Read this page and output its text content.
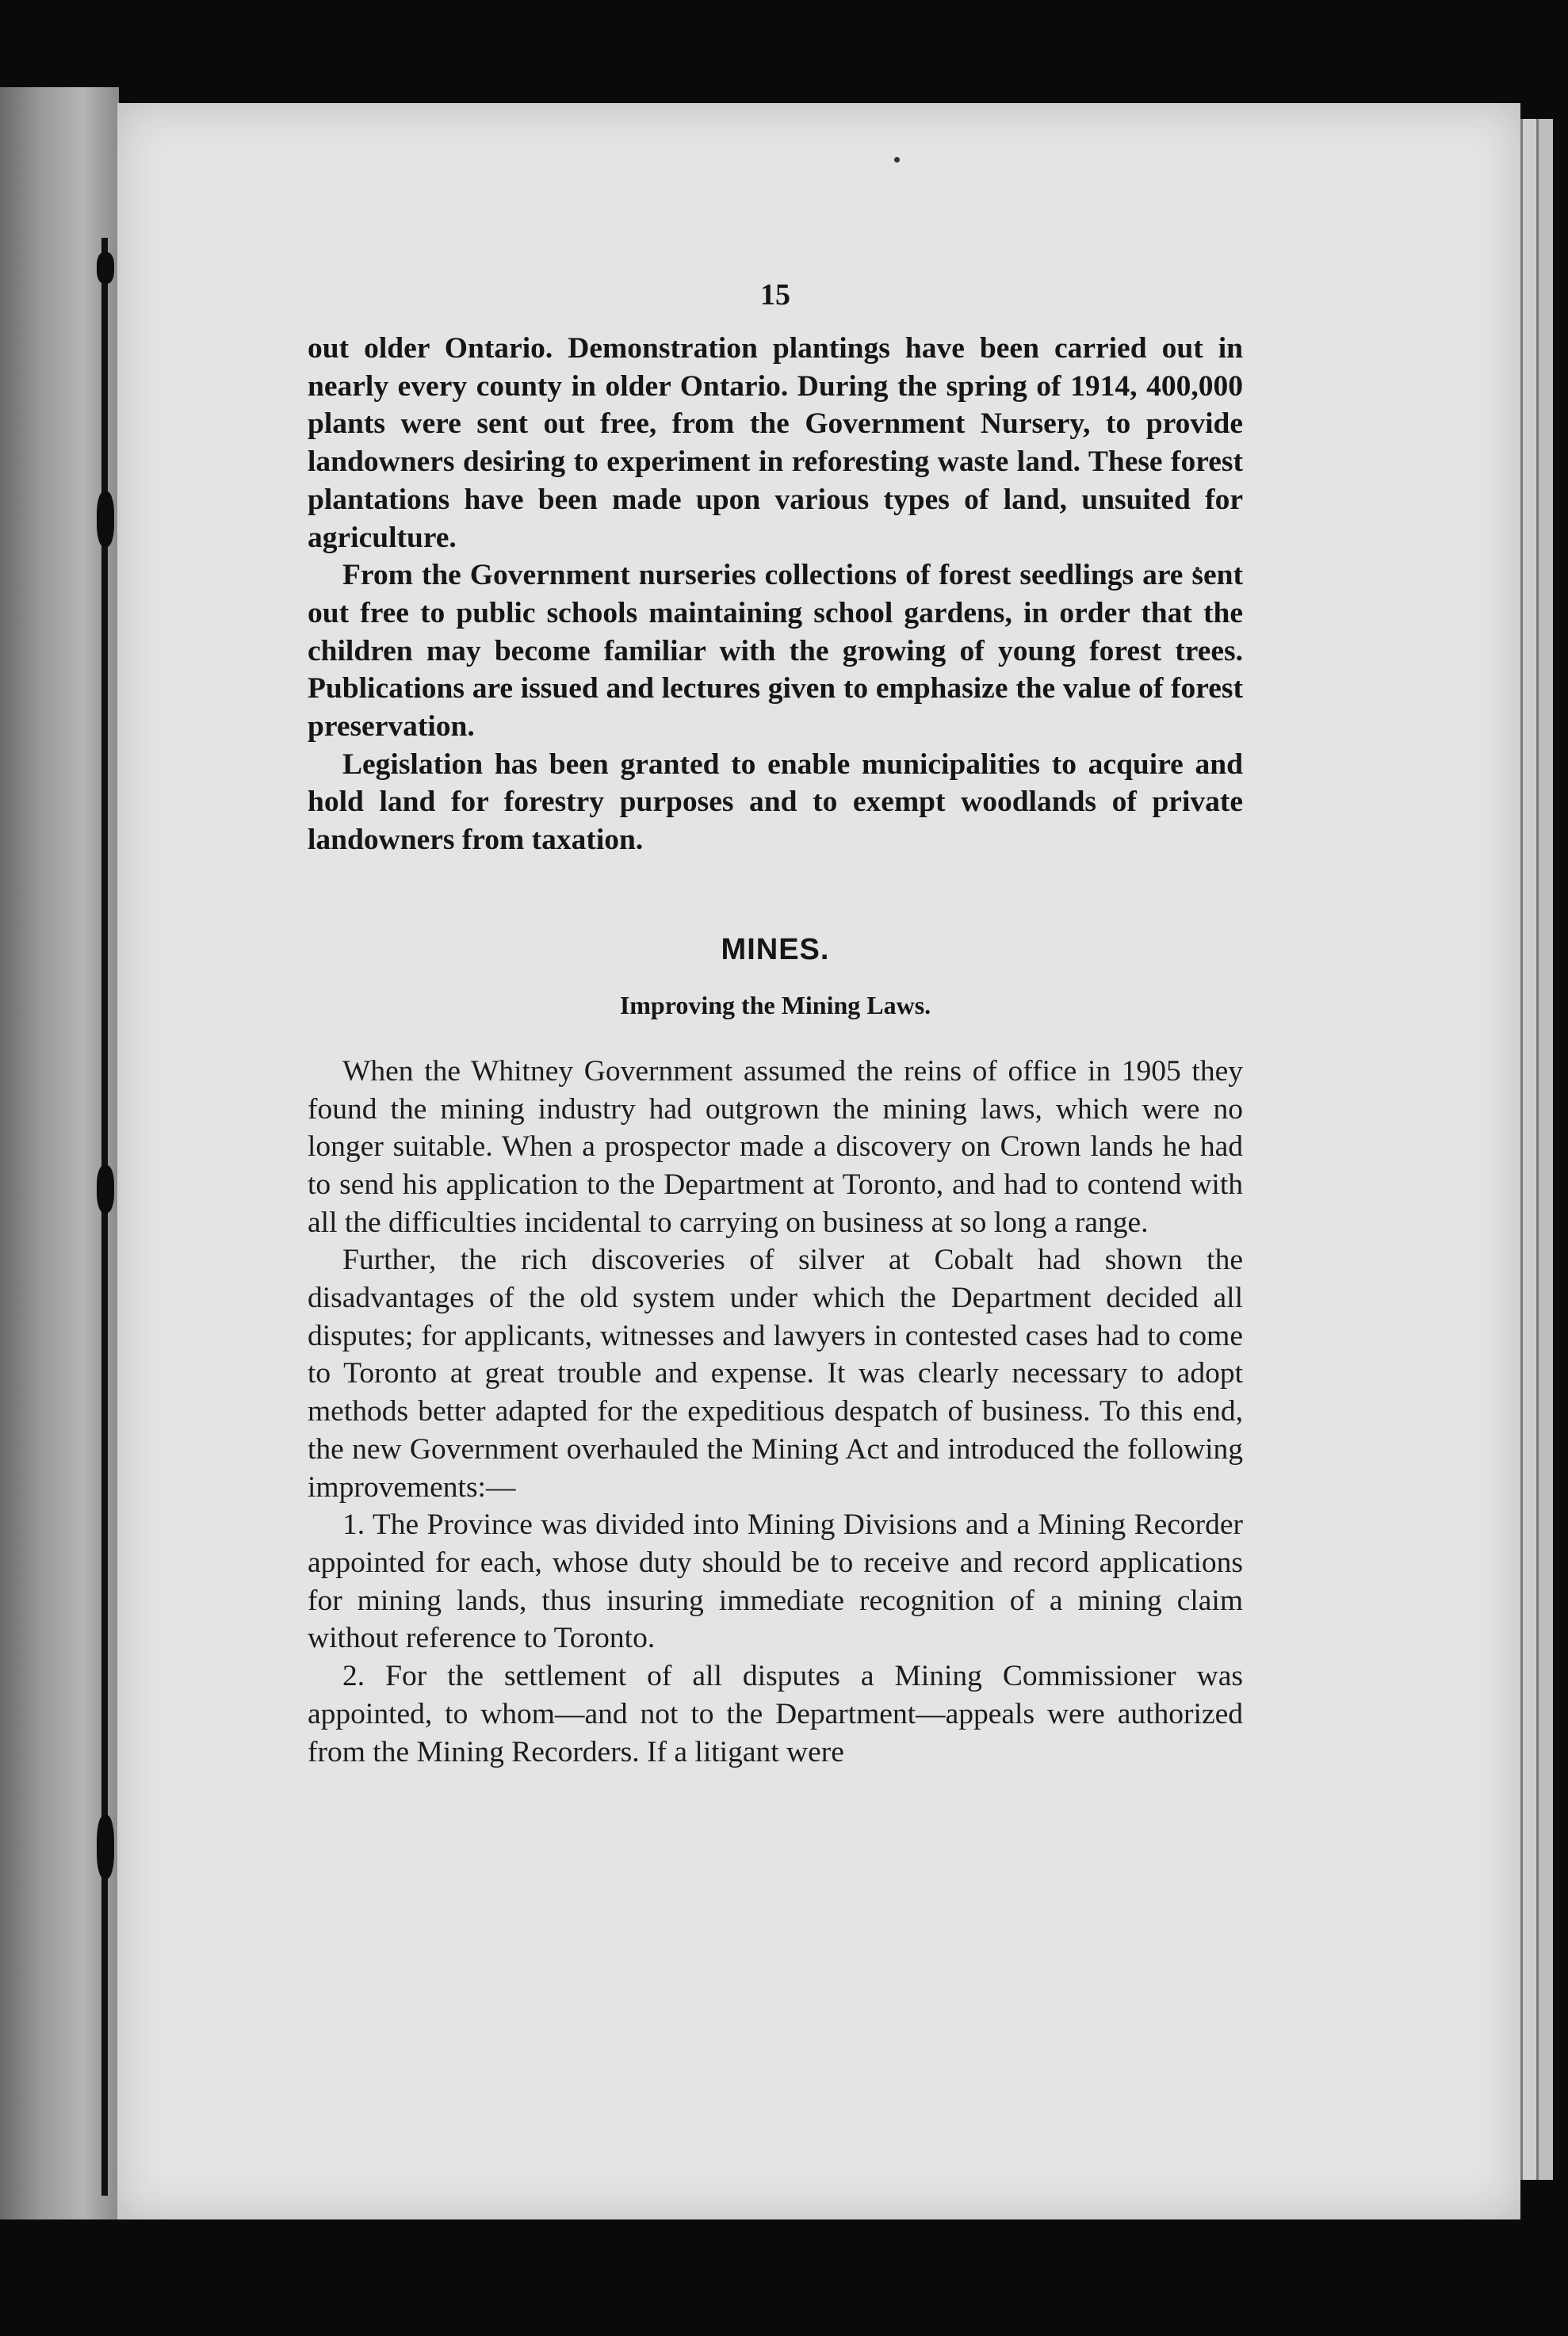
15

out older Ontario. Demonstration plantings have been carried out in nearly every county in older Ontario. During the spring of 1914, 400,000 plants were sent out free, from the Government Nursery, to provide landowners desiring to experiment in reforesting waste land. These forest plantations have been made upon various types of land, unsuited for agriculture.

From the Government nurseries collections of forest seedlings are sent out free to public schools maintaining school gardens, in order that the children may become familiar with the growing of young forest trees. Publications are issued and lectures given to emphasize the value of forest preservation.

Legislation has been granted to enable municipalities to acquire and hold land for forestry purposes and to exempt woodlands of private landowners from taxation.

MINES.
Improving the Mining Laws.

When the Whitney Government assumed the reins of office in 1905 they found the mining industry had outgrown the mining laws, which were no longer suitable. When a prospector made a discovery on Crown lands he had to send his application to the Department at Toronto, and had to contend with all the difficulties incidental to carrying on business at so long a range.

Further, the rich discoveries of silver at Cobalt had shown the disadvantages of the old system under which the Department decided all disputes; for applicants, witnesses and lawyers in contested cases had to come to Toronto at great trouble and expense. It was clearly necessary to adopt methods better adapted for the expeditious despatch of business. To this end, the new Government overhauled the Mining Act and introduced the following improvements:—

1. The Province was divided into Mining Divisions and a Mining Recorder appointed for each, whose duty should be to receive and record applications for mining lands, thus insuring immediate recognition of a mining claim without reference to Toronto.

2. For the settlement of all disputes a Mining Commissioner was appointed, to whom—and not to the Department—appeals were authorized from the Mining Recorders. If a litigant were
